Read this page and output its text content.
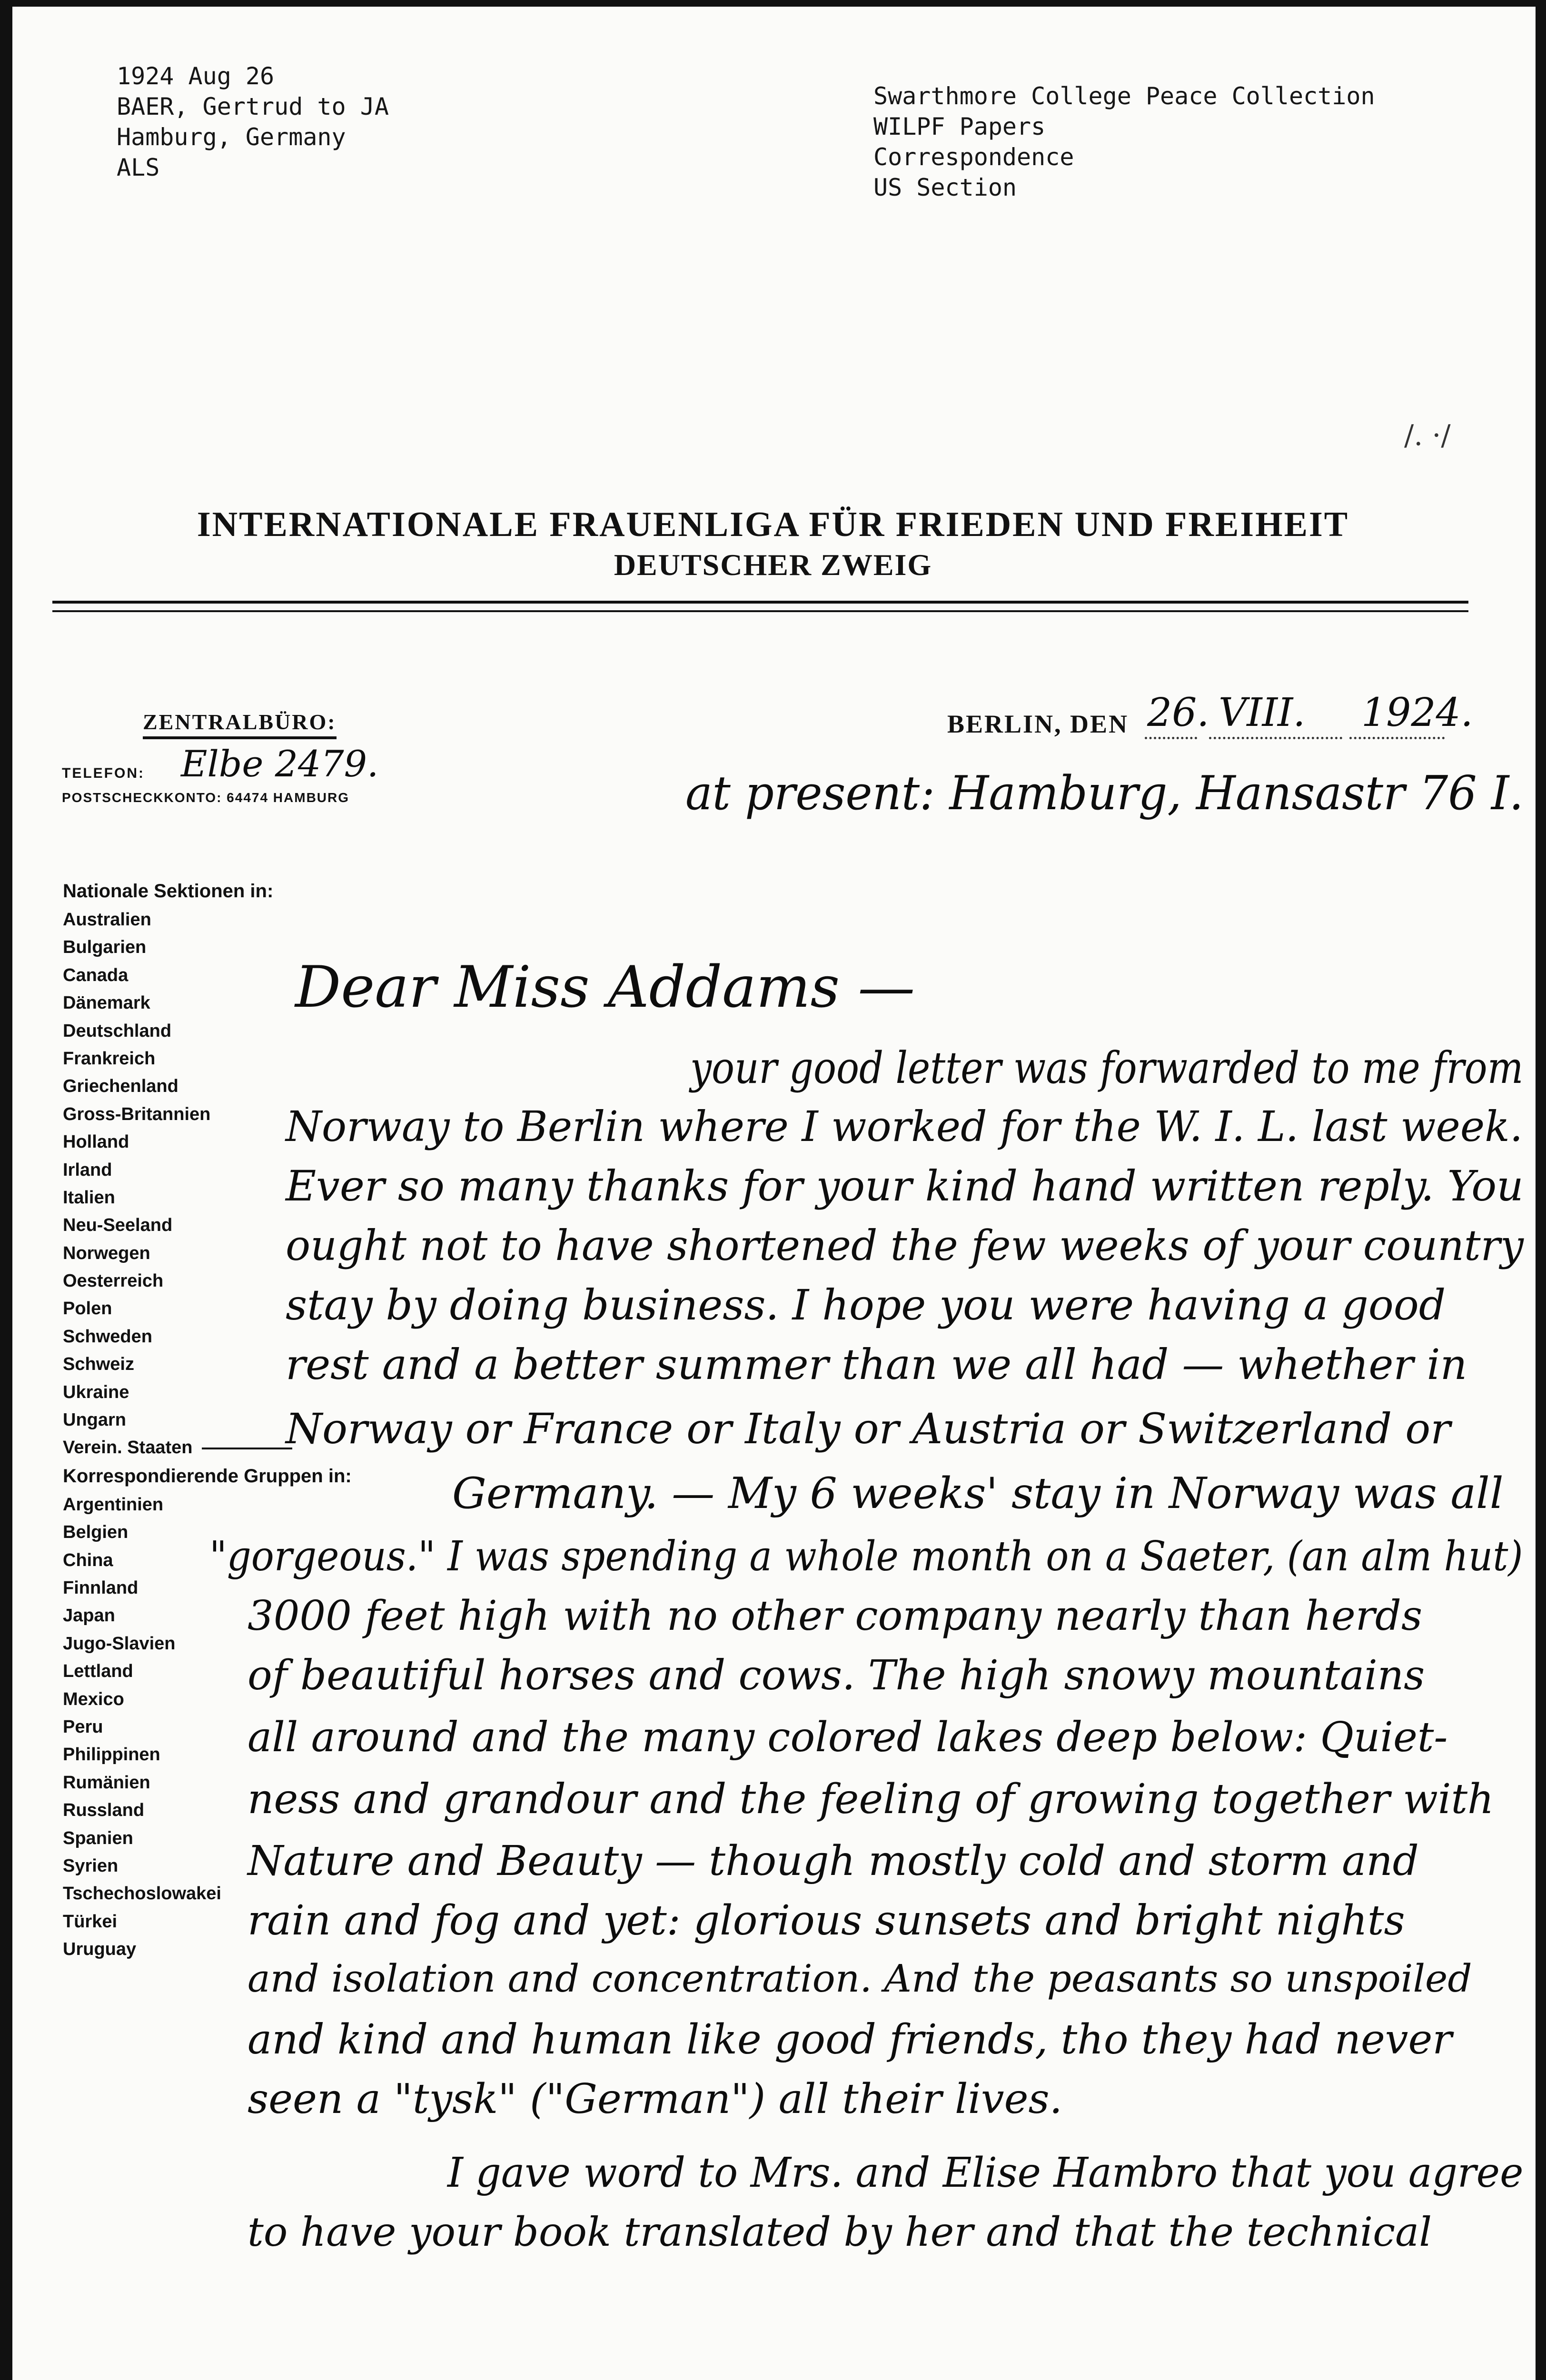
1924 Aug 26
BAER, Gertrud to JA
Hamburg, Germany
ALS
Swarthmore College Peace Collection
WILPF Papers
Correspondence
US Section
/. ·/
INTERNATIONALE FRAUENLIGA FÜR FRIEDEN UND FREIHEIT
DEUTSCHER ZWEIG
ZENTRALBÜRO:
TELEFON: Elbe 2479.
POSTSCHECKKONTO: 64474 HAMBURG
BERLIN, DEN 26. VIII. 1924.
at present: Hamburg, Hansastr 76 I.
Nationale Sektionen in:
Australien
Bulgarien
Canada
Dänemark
Deutschland
Frankreich
Griechenland
Gross-Britannien
Holland
Irland
Italien
Neu-Seeland
Norwegen
Oesterreich
Polen
Schweden
Schweiz
Ukraine
Ungarn
Verein. Staaten
Korrespondierende Gruppen in:
Argentinien
Belgien
China
Finnland
Japan
Jugo-Slavien
Lettland
Mexico
Peru
Philippinen
Rumänien
Russland
Spanien
Syrien
Tschechoslowakei
Türkei
Uruguay
Dear Miss Addams —
your good letter was forwarded to me from
Norway to Berlin where I worked for the W. I. L. last week.
Ever so many thanks for your kind hand written reply. You
ought not to have shortened the few weeks of your country
stay by doing business. I hope you were having a good
rest and a better summer than we all had — whether in
Norway or France or Italy or Austria or Switzerland or
Germany. — My 6 weeks' stay in Norway was all
"gorgeous." I was spending a whole month on a Saeter, (an alm hut)
3000 feet high with no other company nearly than herds
of beautiful horses and cows. The high snowy mountains
all around and the many colored lakes deep below: Quiet-
ness and grandour and the feeling of growing together with
Nature and Beauty — though mostly cold and storm and
rain and fog and yet: glorious sunsets and bright nights
and isolation and concentration. And the peasants so unspoiled
and kind and human like good friends, tho they had never
seen a "tysk" ("German") all their lives.
I gave word to Mrs. and Elise Hambro that you agree
to have your book translated by her and that the technical
